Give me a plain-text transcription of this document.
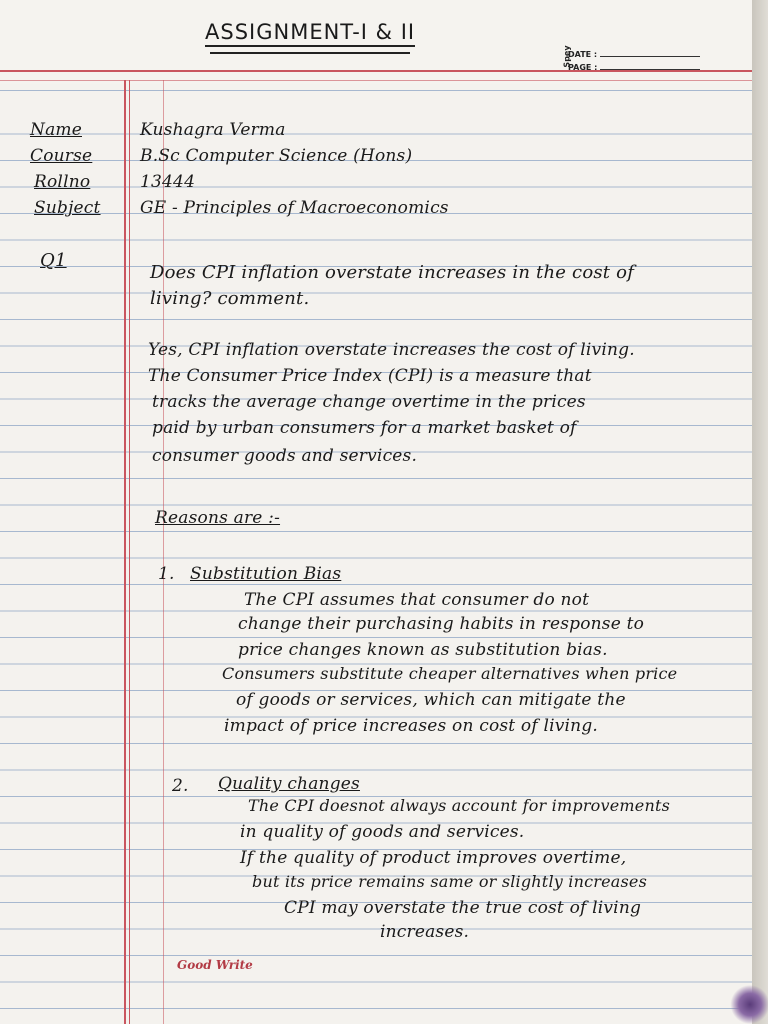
ASSIGNMENT-I & II
Spey
DATE :
PAGE :
Name	Kushagra Verma
Course	B.Sc Computer Science (Hons)
Rollno	13444
Subject GE - Principles of Macroeconomics
Q1
Does CPI inflation overstate increases in the cost of
living? comment.
Yes, CPI inflation overstate increases the cost of living.
The Consumer Price Index (CPI) is a measure that
tracks the average change overtime in the prices
paid by urban consumers for a market basket of
consumer goods and services.
Reasons are :-
1. Substitution Bias
The CPI assumes that consumer do not
change their purchasing habits in response to
price changes known as substitution bias.
Consumers substitute cheaper alternatives when price
of goods or services, which can mitigate the
impact of price increases on cost of living.
2. Quality changes
The CPI doesnot always account for improvements
in quality of goods and services.
If the quality of product improves overtime,
but its price remains same or slightly increases
CPI may overstate the true cost of living
increases.
Good Write
